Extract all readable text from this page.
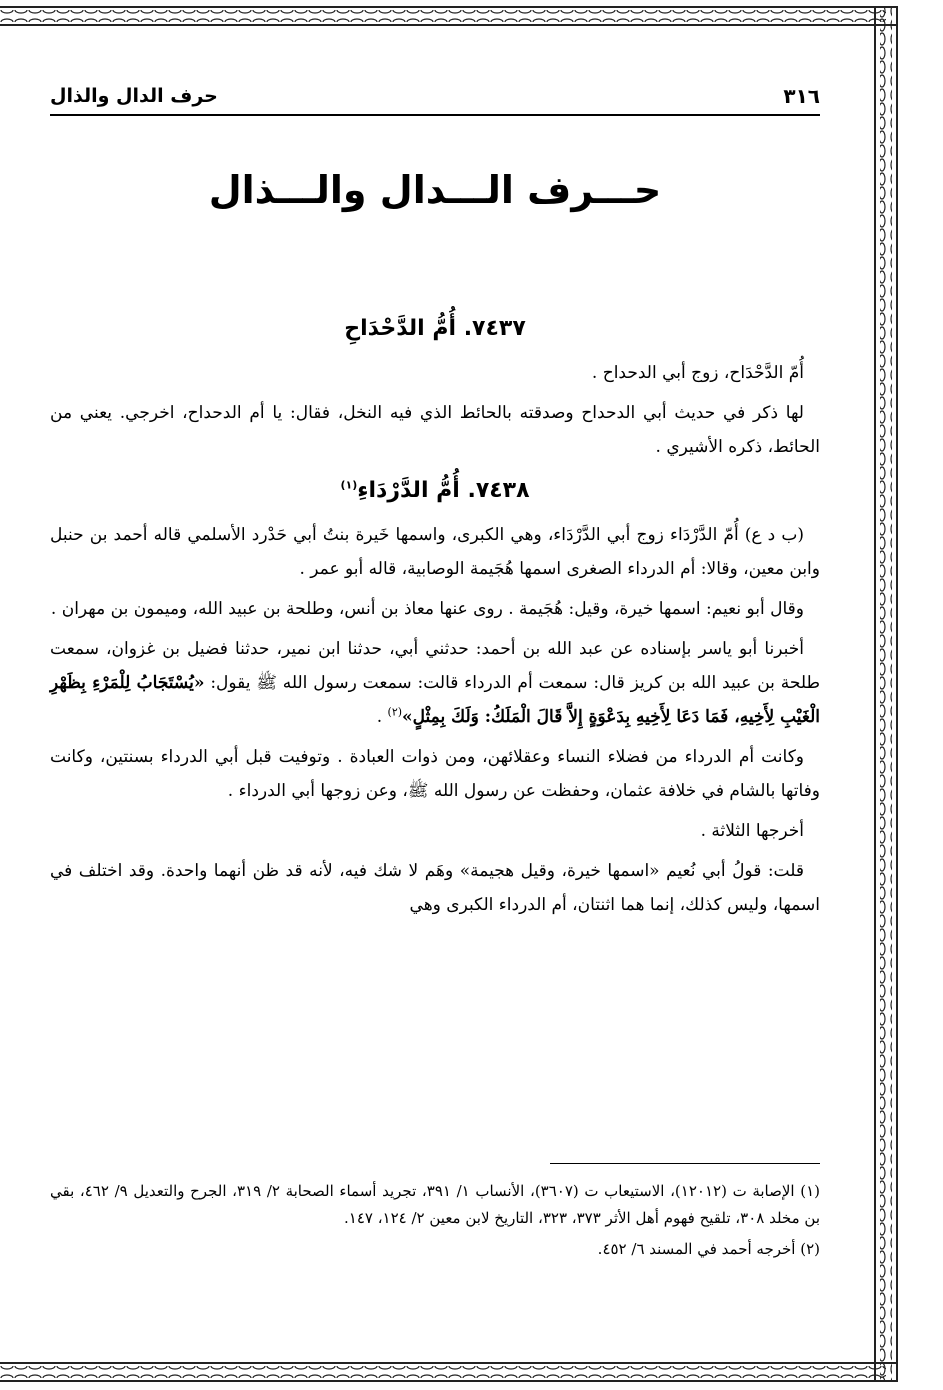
٣١٦
حرف الدال والذال
حـــرف الـــدال والـــذال
٧٤٣٧. أُمُّ الدَّحْدَاحِ

أُمّ الدَّحْدَاح، زوج أبي الدحداح .

لها ذكر في حديث أبي الدحداح وصدقته بالحائط الذي فيه النخل، فقال: يا أم الدحداح، اخرجي. يعني من الحائط، ذكره الأشيري .

٧٤٣٨. أُمُّ الدَّرْدَاءِ$^{(١)}$

(ب د ع) أُمّ الدَّرْدَاء زوج أبي الدَّرْدَاء، وهي الكبرى، واسمها خَيرة بنتُ أبي حَدْرد الأسلمي قاله أحمد بن حنبل وابن معين، وقالا: أم الدرداء الصغرى اسمها هُجَيمة الوصابية، قاله أبو عمر .

وقال أبو نعيم: اسمها خيرة، وقيل: هُجَيمة . روى عنها معاذ بن أنس، وطلحة بن عبيد الله، وميمون بن مهران .

أخبرنا أبو ياسر بإسناده عن عبد الله بن أحمد: حدثني أبي، حدثنا ابن نمير، حدثنا فضيل بن غزوان، سمعت طلحة بن عبيد الله بن كريز قال: سمعت أم الدرداء قالت: سمعت رسول الله ﷺ يقول: «يُسْتَجَابُ لِلْمَرْءِ بِظَهْرِ الْغَيْبِ لِأَخِيهِ، فَمَا دَعَا لِأَخِيهِ بِدَعْوَةٍ إِلاَّ قَالَ الْمَلَكُ: وَلَكَ بِمِثْلٍ»$^{(٢)}$ .

وكانت أم الدرداء من فضلاء النساء وعقلائهن، ومن ذوات العبادة . وتوفيت قبل أبي الدرداء بسنتين، وكانت وفاتها بالشام في خلافة عثمان، وحفظت عن رسول الله ﷺ، وعن زوجها أبي الدرداء .

أخرجها الثلاثة .

قلت: قولُ أبي نُعيم «اسمها خيرة، وقيل هجيمة» وهَم لا شك فيه، لأنه قد ظن أنهما واحدة. وقد اختلف في اسمها، وليس كذلك، إنما هما اثنتان، أم الدرداء الكبرى وهي

(١) الإصابة ت (١٢٠١٢)، الاستيعاب ت (٣٦٠٧)، الأنساب ١/ ٣٩١، تجريد أسماء الصحابة ٢/ ٣١٩، الجرح والتعديل ٩/ ٤٦٢، بقي بن مخلد ٣٠٨، تلقيح فهوم أهل الأثر ٣٧٣، ٣٢٣، التاريخ لابن معين ٢/ ١٢٤، ١٤٧.

(٢) أخرجه أحمد في المسند ٦/ ٤٥٢.
